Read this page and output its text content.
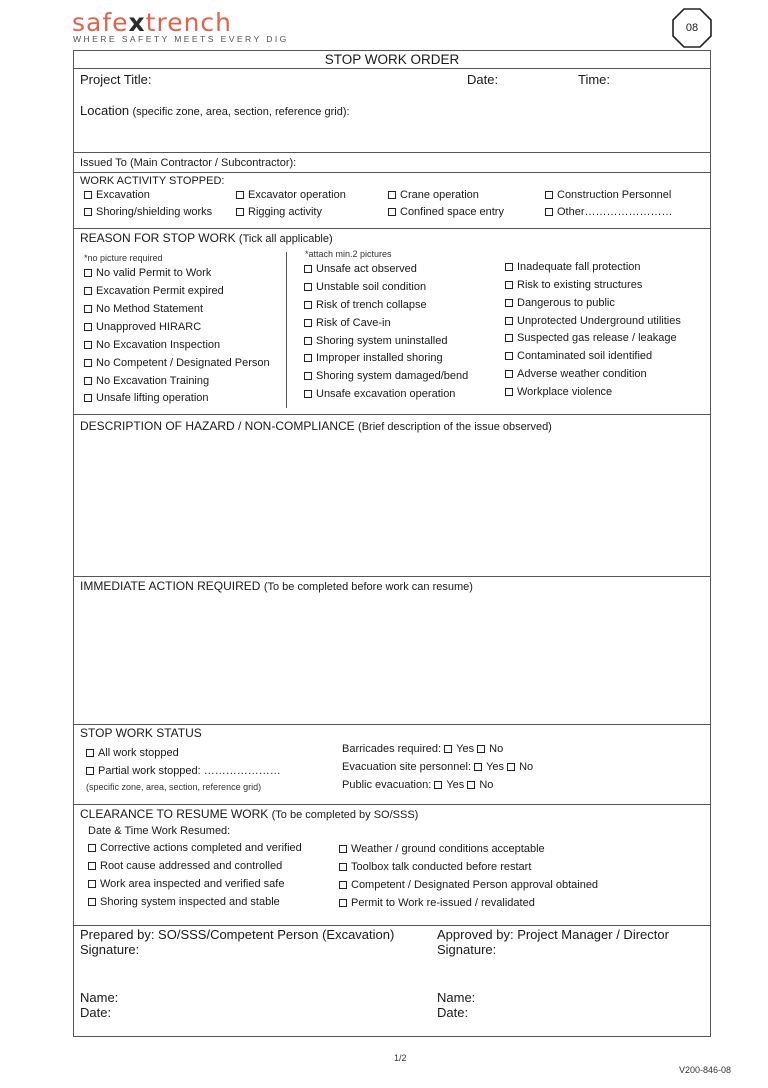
safextrench
WHERE SAFETY MEETS EVERY DIG
08
STOP WORK ORDER
Project Title:	Date:	Time:
Location (specific zone, area, section, reference grid):
Issued To (Main Contractor / Subcontractor):
WORK ACTIVITY STOPPED:
Excavation	Excavator operation	Crane operation	Construction Personnel
Shoring/shielding works	Rigging activity	Confined space entry	Other……………………
REASON FOR STOP WORK (Tick all applicable)
*no picture required	*attach min.2 pictures
No valid Permit to Work
Excavation Permit expired
No Method Statement
Unapproved HIRARC
No Excavation Inspection
No Competent / Designated Person
No Excavation Training
Unsafe lifting operation
Unsafe act observed
Unstable soil condition
Risk of trench collapse
Risk of Cave-in
Shoring system uninstalled
Improper installed shoring
Shoring system damaged/bend
Unsafe excavation operation
Inadequate fall protection
Risk to existing structures
Dangerous to public
Unprotected Underground utilities
Suspected gas release / leakage
Contaminated soil identified
Adverse weather condition
Workplace violence
DESCRIPTION OF HAZARD / NON-COMPLIANCE (Brief description of the issue observed)
IMMEDIATE ACTION REQUIRED (To be completed before work can resume)
STOP WORK STATUS
All work stopped
Partial work stopped: …………………
(specific zone, area, section, reference grid)
Barricades required: Yes No
Evacuation site personnel: Yes No
Public evacuation: Yes No
CLEARANCE TO RESUME WORK (To be completed by SO/SSS)
Date & Time Work Resumed:
Corrective actions completed and verified
Root cause addressed and controlled
Work area inspected and verified safe
Shoring system inspected and stable
Weather / ground conditions acceptable
Toolbox talk conducted before restart
Competent / Designated Person approval obtained
Permit to Work re-issued / revalidated
Prepared by: SO/SSS/Competent Person (Excavation)
Signature:
Name:
Date:
Approved by: Project Manager / Director
Signature:
Name:
Date:
1/2
V200-846-08
